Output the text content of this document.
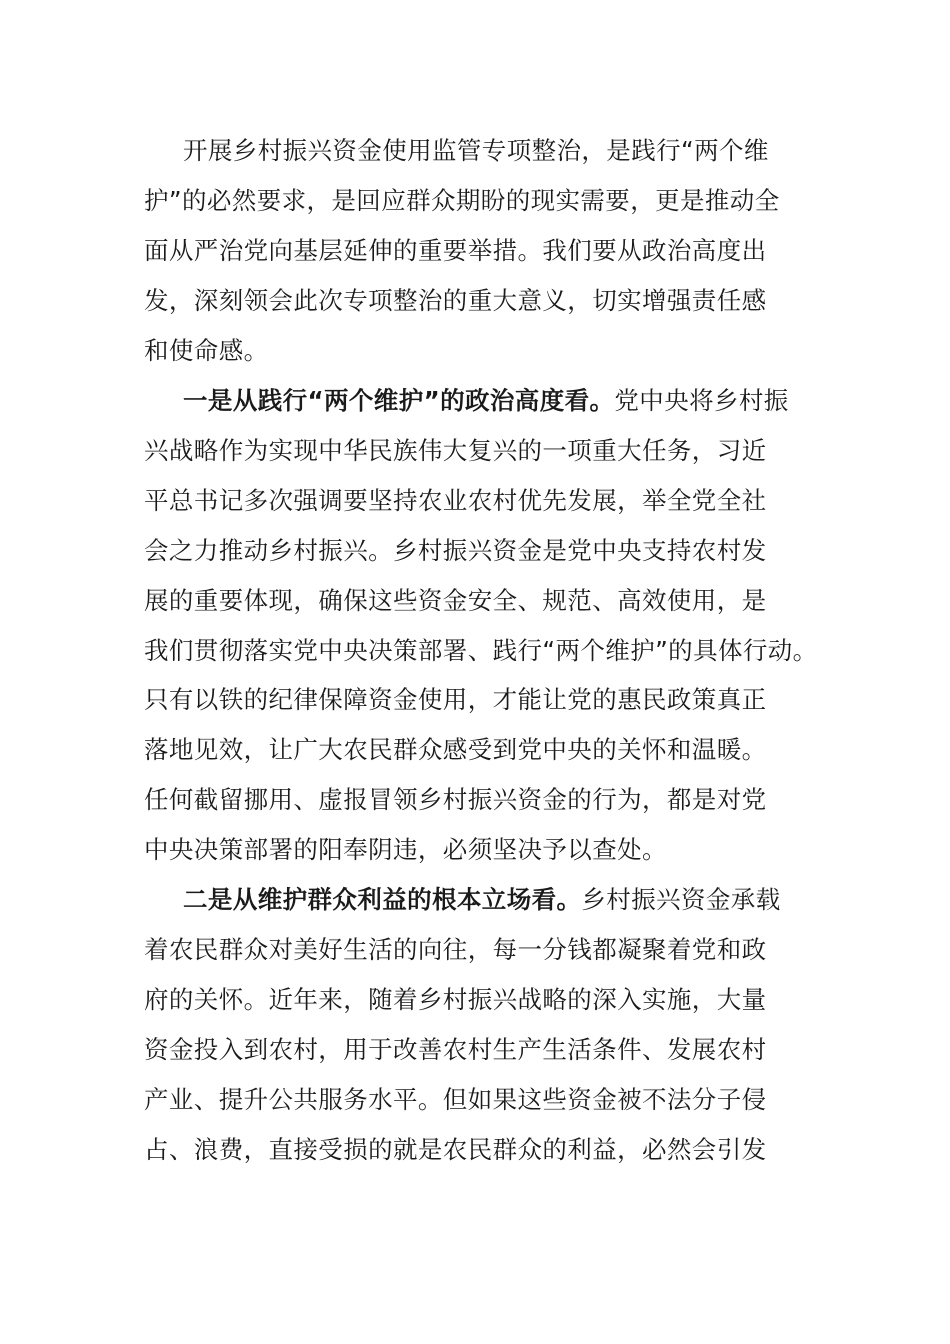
开展乡村振兴资金使用监管专项整治，是践行“两个维
护”的必然要求，是回应群众期盼的现实需要，更是推动全
面从严治党向基层延伸的重要举措。我们要从政治高度出
发，深刻领会此次专项整治的重大意义，切实增强责任感
和使命感。
一是从践行“两个维护”的政治高度看。党中央将乡村振
兴战略作为实现中华民族伟大复兴的一项重大任务，习近
平总书记多次强调要坚持农业农村优先发展，举全党全社
会之力推动乡村振兴。乡村振兴资金是党中央支持农村发
展的重要体现，确保这些资金安全、规范、高效使用，是
我们贯彻落实党中央决策部署、践行“两个维护”的具体行动。
只有以铁的纪律保障资金使用，才能让党的惠民政策真正
落地见效，让广大农民群众感受到党中央的关怀和温暖。
任何截留挪用、虚报冒领乡村振兴资金的行为，都是对党
中央决策部署的阳奉阴违，必须坚决予以查处。
二是从维护群众利益的根本立场看。乡村振兴资金承载
着农民群众对美好生活的向往，每一分钱都凝聚着党和政
府的关怀。近年来，随着乡村振兴战略的深入实施，大量
资金投入到农村，用于改善农村生产生活条件、发展农村
产业、提升公共服务水平。但如果这些资金被不法分子侵
占、浪费，直接受损的就是农民群众的利益，必然会引发
